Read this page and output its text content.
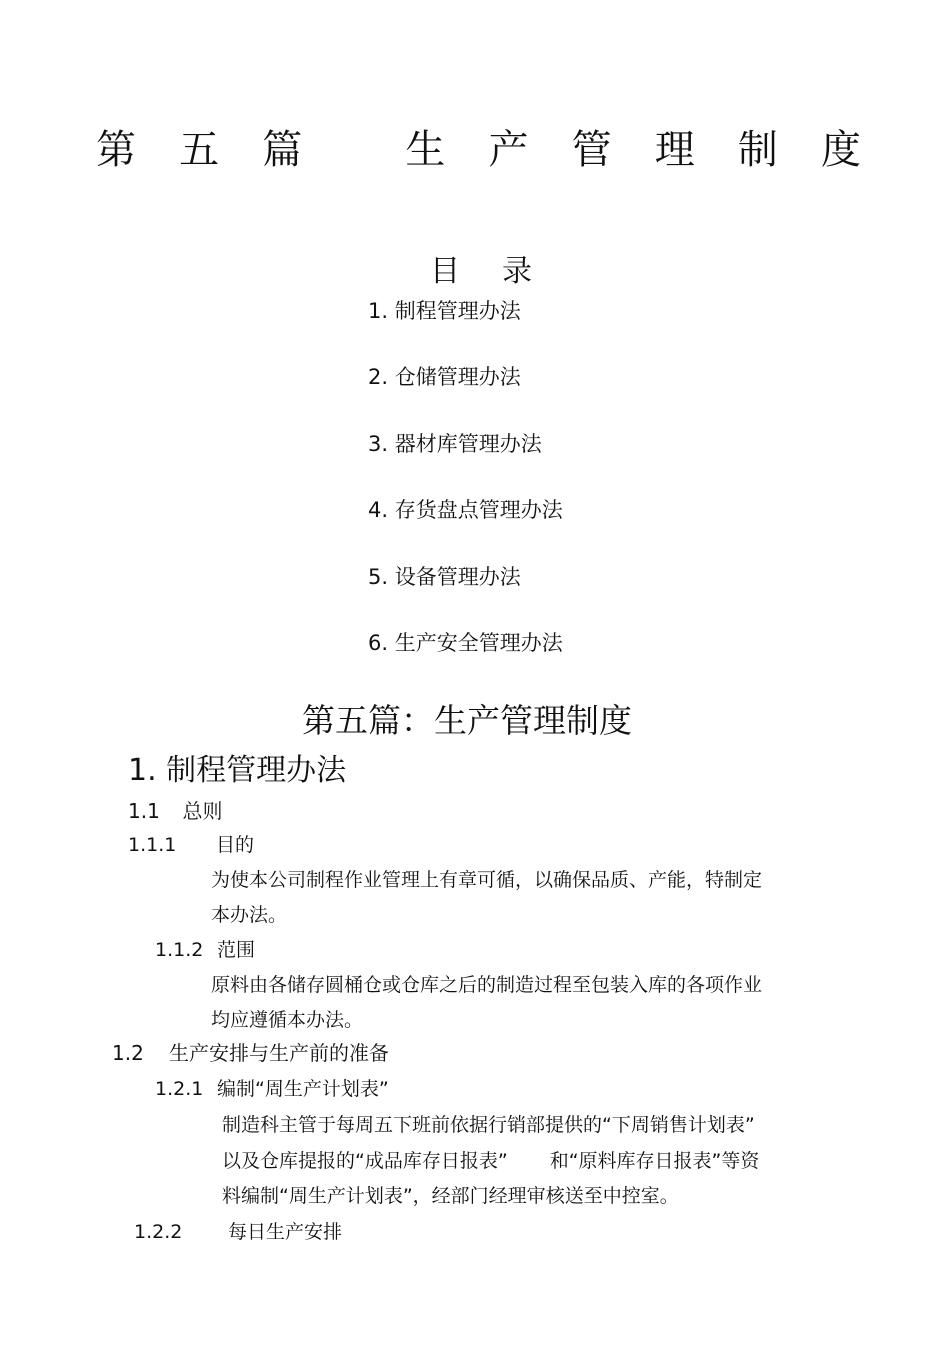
第 五 篇	生 产 管 理 制 度
目 录
1. 制程管理办法
2. 仓储管理办法
3. 器材库管理办法
4. 存货盘点管理办法
5. 设备管理办法
6. 生产安全管理办法
第五篇：生产管理制度
1. 制程管理办法
1.1 总则
1.1.1 目的
为使本公司制程作业管理上有章可循，以确保品质、产能，特制定
本办法。
1.1.2 范围
原料由各储存圆桶仓或仓库之后的制造过程至包装入库的各项作业
均应遵循本办法。
1.2 生产安排与生产前的准备
1.2.1 编制“周生产计划表”
制造科主管于每周五下班前依据行销部提供的“下周销售计划表”
以及仓库提报的“成品库存日报表” 和“原料库存日报表”等资
料编制“周生产计划表”，经部门经理审核送至中控室。
1.2.2 每日生产安排
